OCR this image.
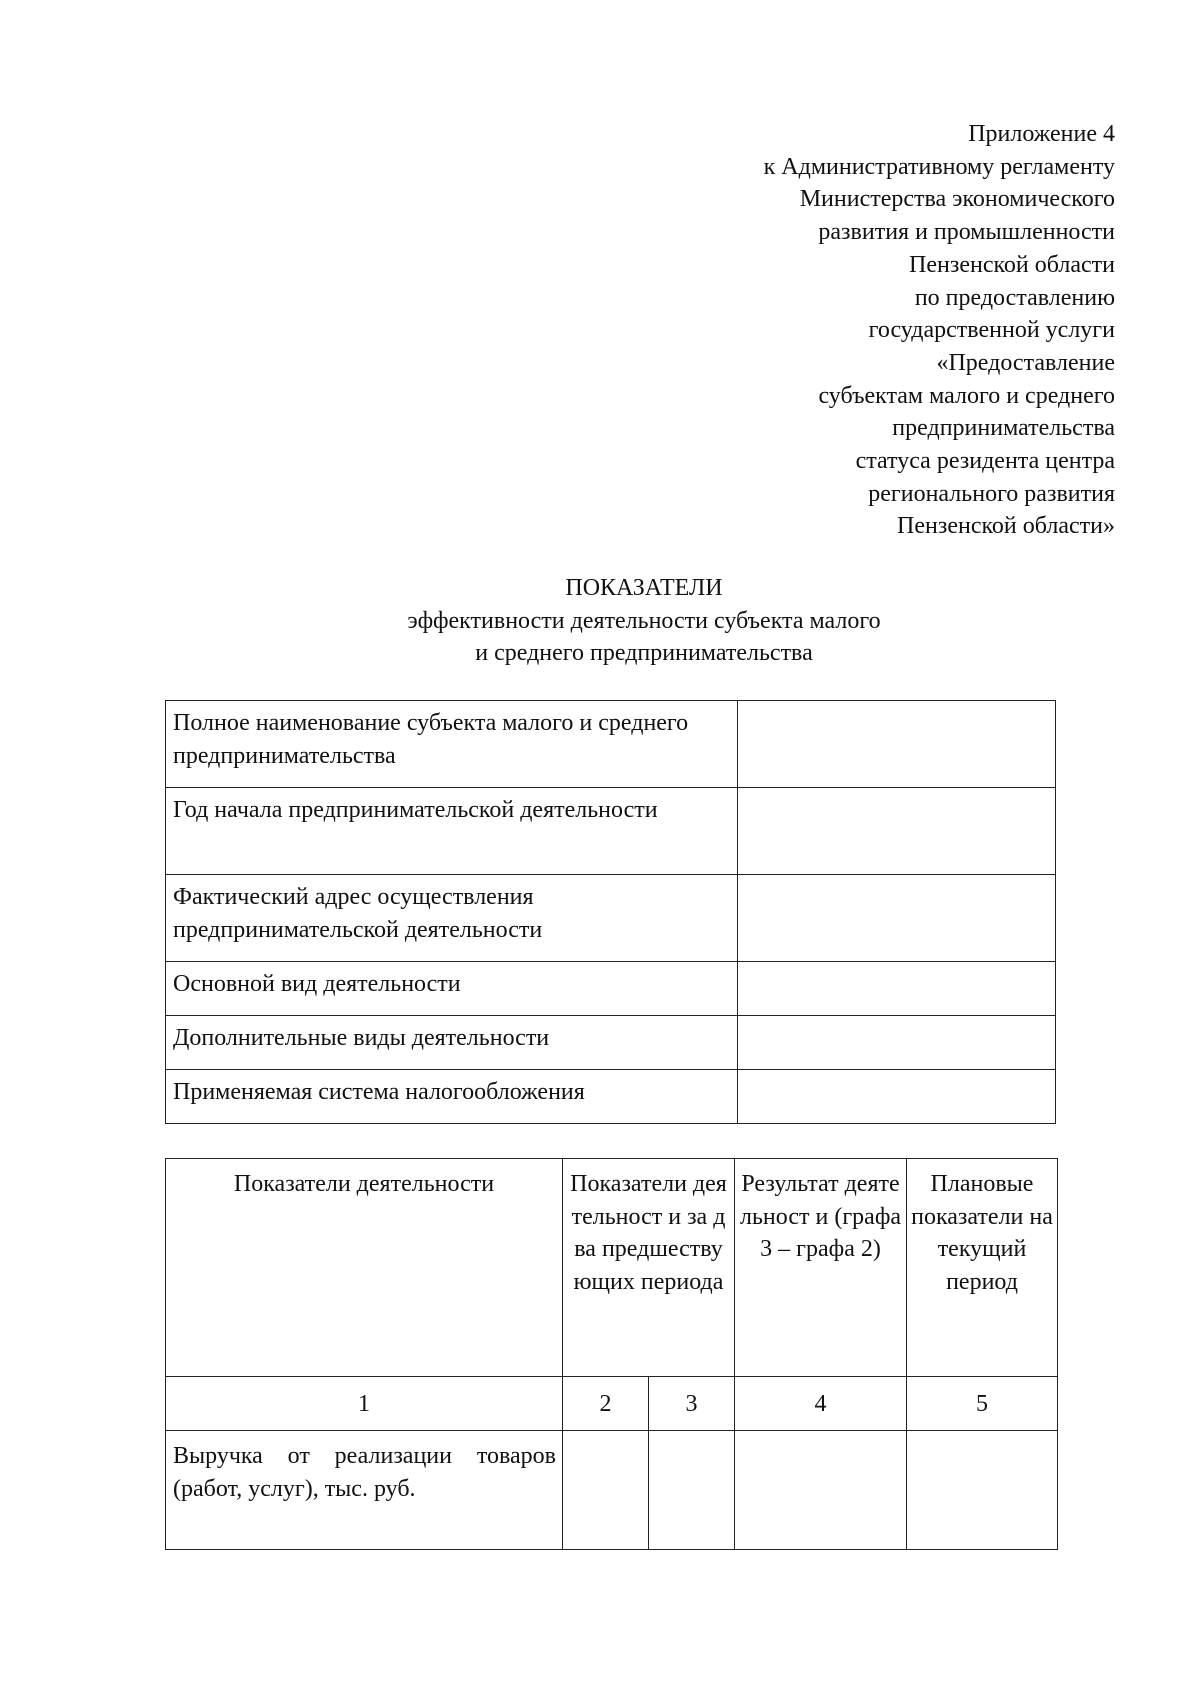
Приложение 4
к Административному регламенту
Министерства экономического
развития и промышленности
Пензенской области
по предоставлению
государственной услуги
«Предоставление
субъектам малого и среднего
предпринимательства
статуса резидента центра
регионального развития
Пензенской области»
ПОКАЗАТЕЛИ
эффективности деятельности субъекта малого
и среднего предпринимательства
Полное наименование субъекта малого и среднего предпринимательства	
Год начала предпринимательской деятельности	
Фактический адрес осуществления предпринимательской деятельности	
Основной вид деятельности	
Дополнительные виды деятельности	
Применяемая система налогообложения	
Показатели деятельности	Показатели деятельност и за два предшеству ющих периода		Результат деятельност и (графа 3 – графа 2)	Плановые показатели на текущий период
1	2	3	4	5
Выручка от реализации товаров (работ, услуг), тыс. руб.				
